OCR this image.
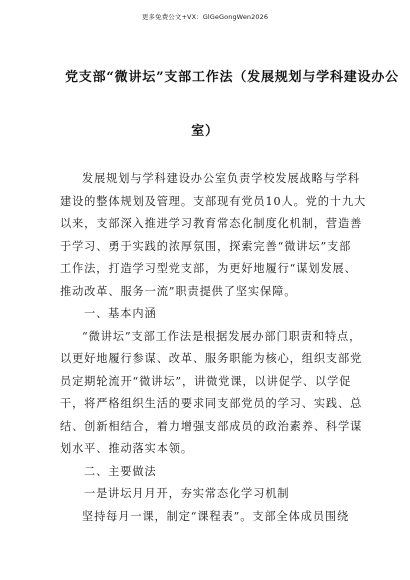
更多免费公文+VX：GlGeGongWen2026
党支部“微讲坛”支部工作法（发展规划与学科建设办公
室）
发展规划与学科建设办公室负责学校发展战略与学科
建设的整体规划及管理。支部现有党员10人。党的十九大
以来，支部深入推进学习教育常态化制度化机制，营造善
于学习、勇于实践的浓厚氛围，探索完善“微讲坛”支部
工作法，打造学习型党支部，为更好地履行“谋划发展、
推动改革、服务一流”职责提供了坚实保障。
一、基本内涵
“微讲坛”支部工作法是根据发展办部门职责和特点，
以更好地履行参谋、改革、服务职能为核心，组织支部党
员定期轮流开“微讲坛”，讲微党课，以讲促学、以学促
干，将严格组织生活的要求同支部党员的学习、实践、总
结、创新相结合，着力增强支部成员的政治素养、科学谋
划水平、推动落实本领。
二、主要做法
一是讲坛月月开，夯实常态化学习机制
坚持每月一课，制定“课程表”。支部全体成员围绕
